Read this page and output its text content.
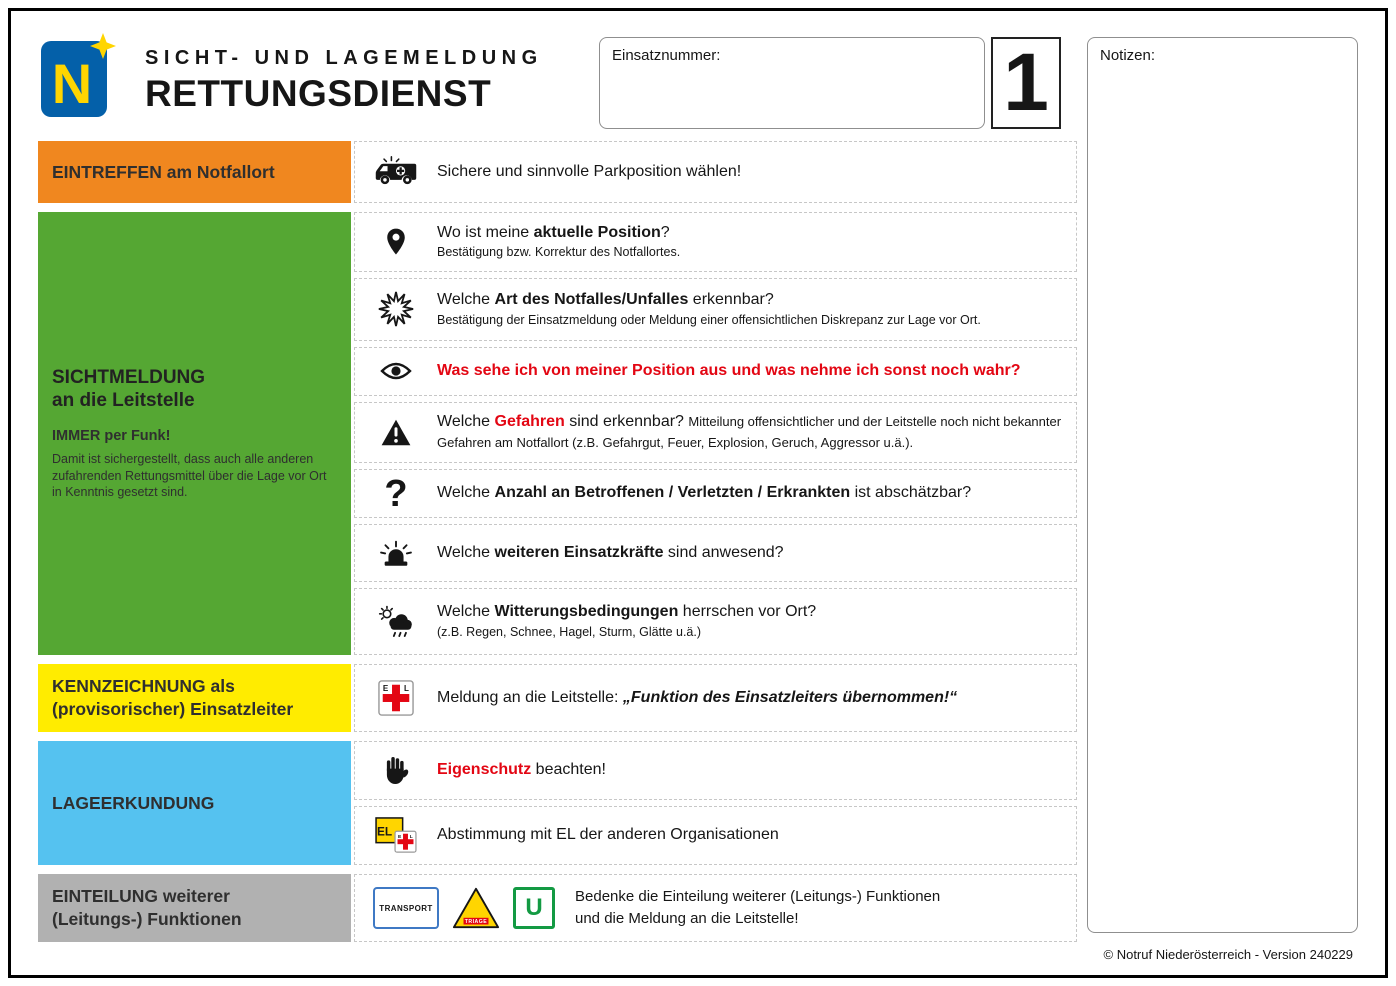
N	SICHT- UND LAGEMELDUNG
RETTUNGSDIENST
Einsatznummer:	1	Notizen:
EINTREFFEN am Notfallort	Sichere und sinnvolle Parkposition wählen!
SICHTMELDUNG
an die Leitstelle
IMMER per Funk!
Damit ist sichergestellt, dass auch alle anderen zufahrenden Rettungsmittel über die Lage vor Ort in Kenntnis gesetzt sind.
Wo ist meine aktuelle Position?
Bestätigung bzw. Korrektur des Notfallortes.
Welche Art des Notfalles/Unfalles erkennbar?
Bestätigung der Einsatzmeldung oder Meldung einer offensichtlichen Diskrepanz zur Lage vor Ort.
Was sehe ich von meiner Position aus und was nehme ich sonst noch wahr?
Welche Gefahren sind erkennbar? Mitteilung offensichtlicher und der Leitstelle noch nicht bekannter Gefahren am Notfallort (z.B. Gefahrgut, Feuer, Explosion, Geruch, Aggressor u.ä.).
? Welche Anzahl an Betroffenen / Verletzten / Erkrankten ist abschätzbar?
Welche weiteren Einsatzkräfte sind anwesend?
Welche Witterungsbedingungen herrschen vor Ort?
(z.B. Regen, Schnee, Hagel, Sturm, Glätte u.ä.)
KENNZEICHNUNG als
(provisorischer) Einsatzleiter
E L Meldung an die Leitstelle: „Funktion des Einsatzleiters übernommen!“
LAGEERKUNDUNG
Eigenschutz beachten!
EL E L Abstimmung mit EL der anderen Organisationen
EINTEILUNG weiterer
(Leitungs-) Funktionen
TRANSPORT
TRIAGE
U Bedenke die Einteilung weiterer (Leitungs-) Funktionen
und die Meldung an die Leitstelle!
© Notruf Niederösterreich - Version 240229
